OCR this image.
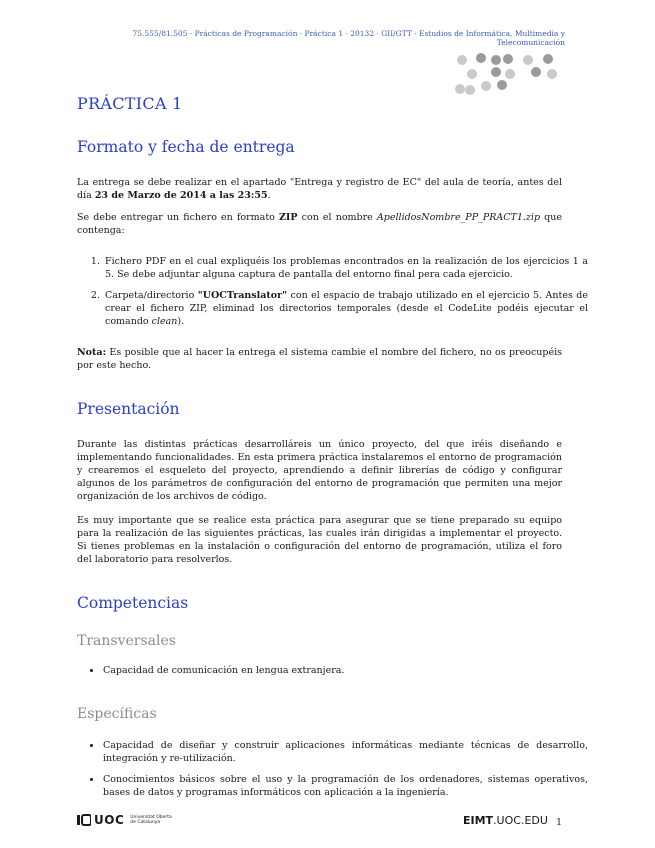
75.555/81.505 · Prácticas de Programación · Práctica 1 · 20132 · GII/GTT · Estudios de Informática, Multimedia y
Telecomunicación
PRÁCTICA 1
Formato y fecha de entrega

La entrega se debe realizar en el apartado "Entrega y registro de EC" del aula de teoría, antes del día 23 de Marzo de 2014 a las 23:55.

Se debe entregar un fichero en formato ZIP con el nombre ApellidosNombre_PP_PRACT1.zip que contenga:

1. Fichero PDF en el cual expliquéis los problemas encontrados en la realización de los ejercicios 1 a 5. Se debe adjuntar alguna captura de pantalla del entorno final pera cada ejercicio.
2. Carpeta/directorio "UOCTranslator" con el espacio de trabajo utilizado en el ejercicio 5. Antes de crear el fichero ZIP, eliminad los directorios temporales (desde el CodeLite podéis ejecutar el comando clean).

Nota: Es posible que al hacer la entrega el sistema cambie el nombre del fichero, no os preocupéis por este hecho.

Presentación

Durante las distintas prácticas desarrolláreis un único proyecto, del que iréis diseñando e implementando funcionalidades. En esta primera práctica instalaremos el entorno de programación y crearemos el esqueleto del proyecto, aprendiendo a definir librerías de código y configurar algunos de los parámetros de configuración del entorno de programación que permiten una mejor organización de los archivos de código.

Es muy importante que se realice esta práctica para asegurar que se tiene preparado su equipo para la realización de las siguientes prácticas, las cuales irán dirigidas a implementar el proyecto. Si tienes problemas en la instalación o configuración del entorno de programación, utiliza el foro del laboratorio para resolverlos.

Competencias
Transversales
Capacidad de comunicación en lengua extranjera.
Específicas
Capacidad de diseñar y construir aplicaciones informáticas mediante técnicas de desarrollo, integración y re-utilización.
Conocimientos básicos sobre el uso y la programación de los ordenadores, sistemas operativos, bases de datos y programas informáticos con aplicación a la ingeniería.
UOC Universitat Oberta
de Catalunya	EIMT.UOC.EDU 1
